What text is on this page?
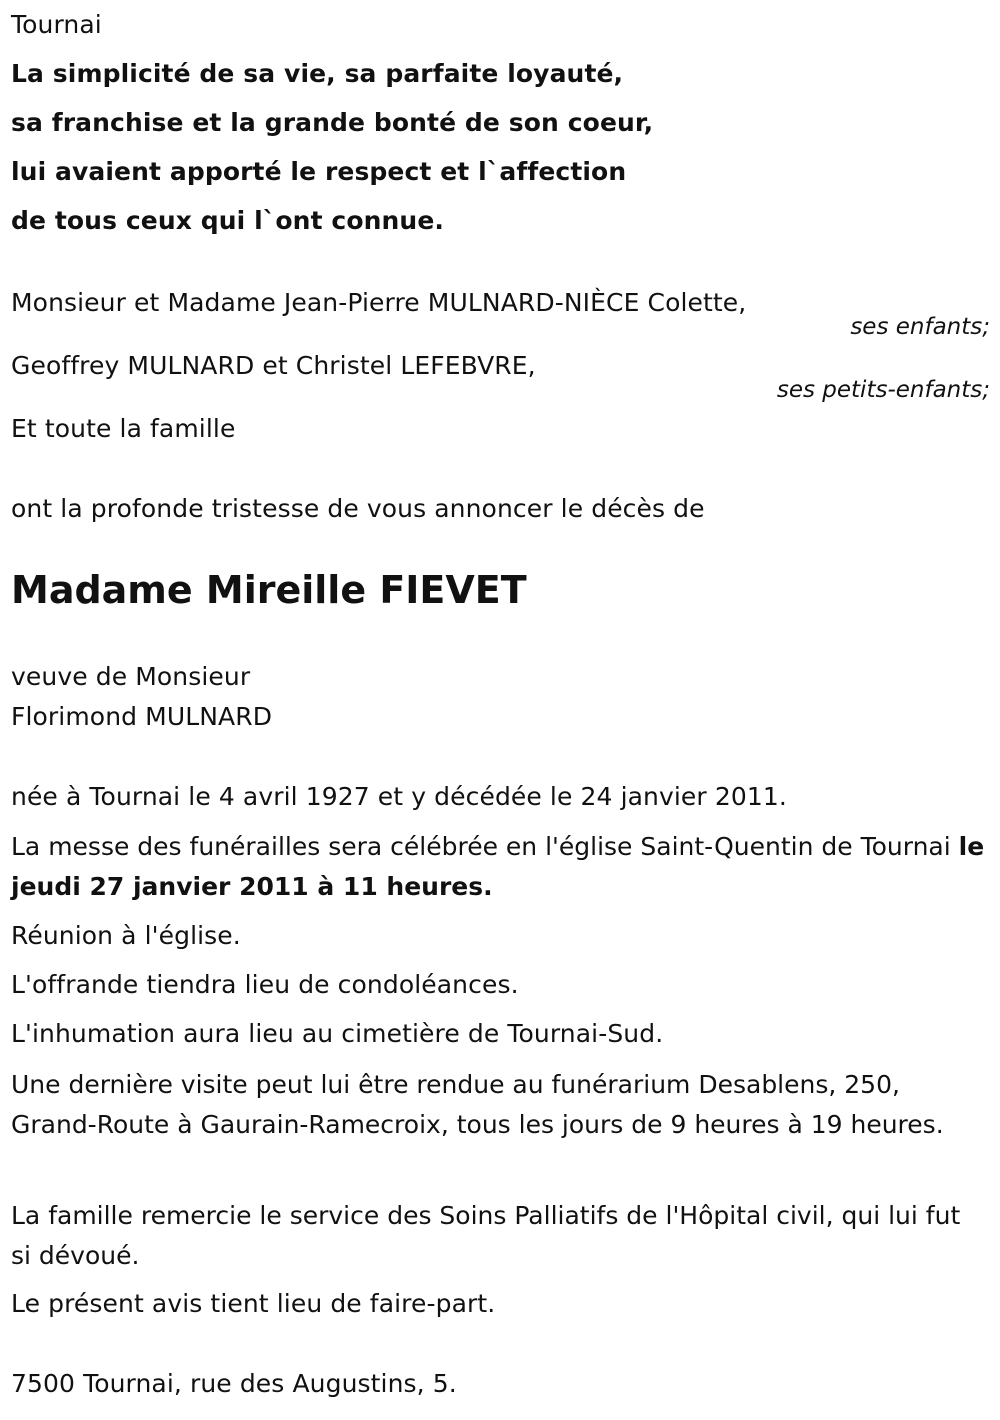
Tournai
La simplicité de sa vie, sa parfaite loyauté,
sa franchise et la grande bonté de son coeur,
lui avaient apporté le respect et l`affection
de tous ceux qui l`ont connue.
Monsieur et Madame Jean-Pierre MULNARD-NIÈCE Colette,
ses enfants;
Geoffrey MULNARD et Christel LEFEBVRE,
ses petits-enfants;
Et toute la famille
ont la profonde tristesse de vous annoncer le décès de
Madame Mireille FIEVET
veuve de Monsieur
Florimond MULNARD
née à Tournai le 4 avril 1927 et y décédée le 24 janvier 2011.
La messe des funérailles sera célébrée en l'église Saint-Quentin de Tournai le jeudi 27 janvier 2011 à 11 heures.
Réunion à l'église.
L'offrande tiendra lieu de condoléances.
L'inhumation aura lieu au cimetière de Tournai-Sud.
Une dernière visite peut lui être rendue au funérarium Desablens, 250, Grand-Route à Gaurain-Ramecroix, tous les jours de 9 heures à 19 heures.
La famille remercie le service des Soins Palliatifs de l'Hôpital civil, qui lui fut si dévoué.
Le présent avis tient lieu de faire-part.
7500 Tournai, rue des Augustins, 5.
